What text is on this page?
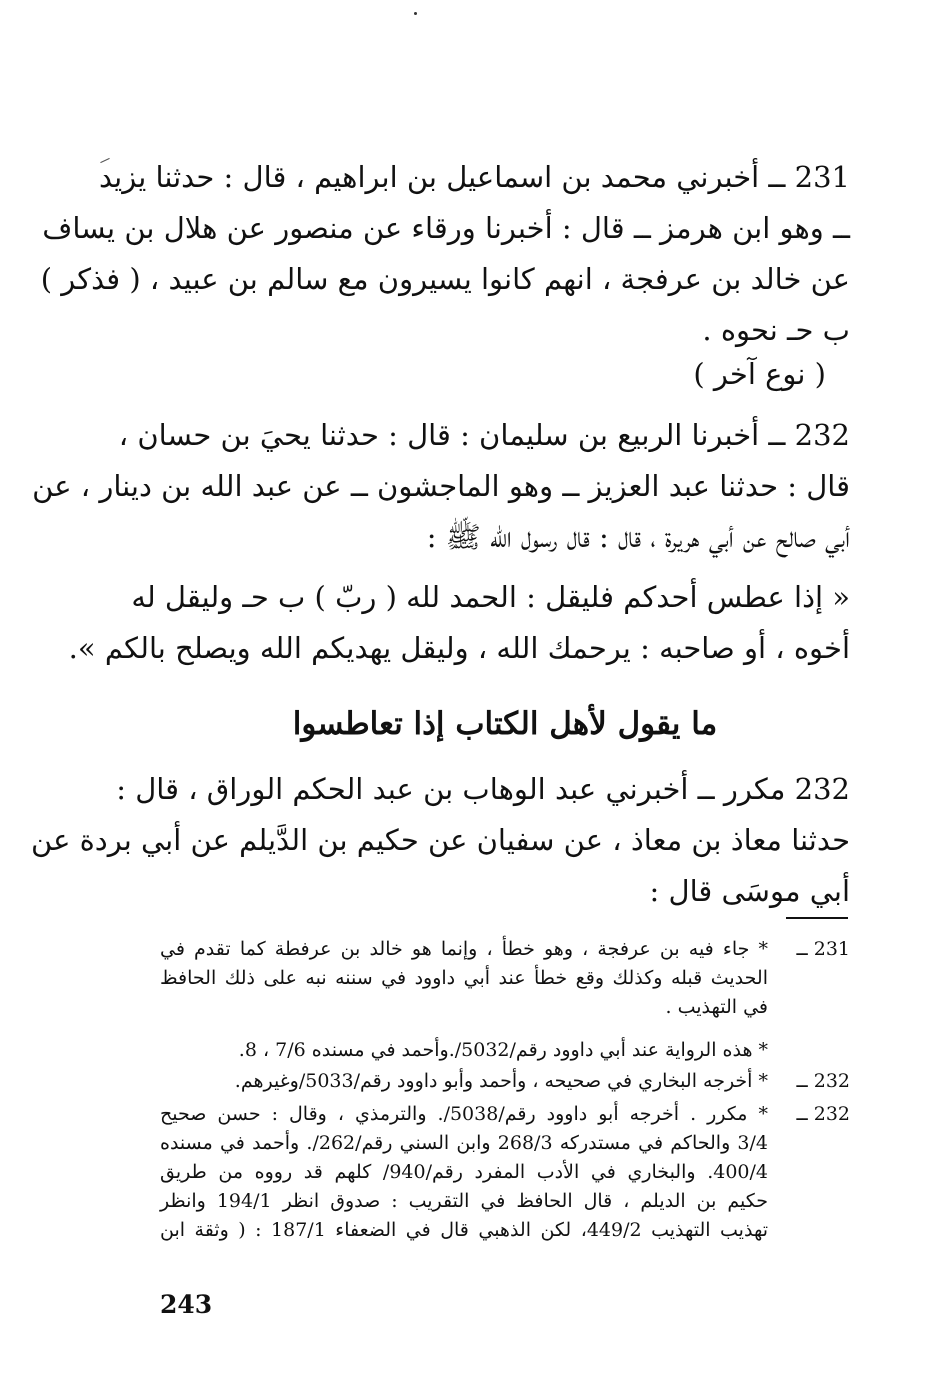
231 ــ أخبرني محمد بن اسماعيل بن ابراهيم ، قال : حدثنا يزيد
ــ وهو ابن هرمز ــ قال : أخبرنا ورقاء عن منصور عن هلال بن يساف
عن خالد بن عرفجة ، انهم كانوا يسيرون مع سالم بن عبيد ، ( فذكر )
ب حـ نحوه .
( نوع آخر )
232 ــ أخبرنا الربيع بن سليمان : قال : حدثنا يحيَ بن حسان ،
قال : حدثنا عبد العزيز ــ وهو الماجشون ــ عن عبد الله بن دينار ، عن
أبي صالح عن أبي هريرة ، قال : قال رسول الله ﷺ :
« إذا عطس أحدكم فليقل : الحمد لله ( ربّ ) ب حـ وليقل له
أخوه ، أو صاحبه : يرحمك الله ، وليقل يهديكم الله ويصلح بالكم ».
ما يقول لأهل الكتاب إذا تعاطسوا
232 مكرر ــ أخبرني عبد الوهاب بن عبد الحكم الوراق ، قال :
حدثنا معاذ بن معاذ ، عن سفيان عن حكيم بن الدَّيلم عن أبي بردة عن
أبي موسَى قال :
231 ــ
* جاء فيه بن عرفجة ، وهو خطأ ، وإنما هو خالد بن عرفطة كما تقدم في
الحديث قبله وكذلك وقع خطأ عند أبي داوود في سننه نبه على ذلك الحافظ
في التهذيب .
* هذه الرواية عند أبي داوود رقم/5032/.وأحمد في مسنده 7/6 ، 8.
232 ــ
* أخرجه البخاري في صحيحه ، وأحمد وأبو داوود رقم/5033/وغيرهم.
232 ــ
* مكرر . أخرجه أبو داوود رقم/5038/. والترمذي ، وقال : حسن صحيح
3/4 والحاكم في مستدركه 268/3 وابن السني رقم/262/. وأحمد في مسنده
400/4. والبخاري في الأدب المفرد رقم/940/ كلهم قد رووه من طريق
حكيم بن الديلم ، قال الحافظ في التقريب : صدوق انظر 194/1 وانظر
تهذيب التهذيب 449/2، لكن الذهبي قال في الضعفاء 187/1 : ( وثقة ابن
243
